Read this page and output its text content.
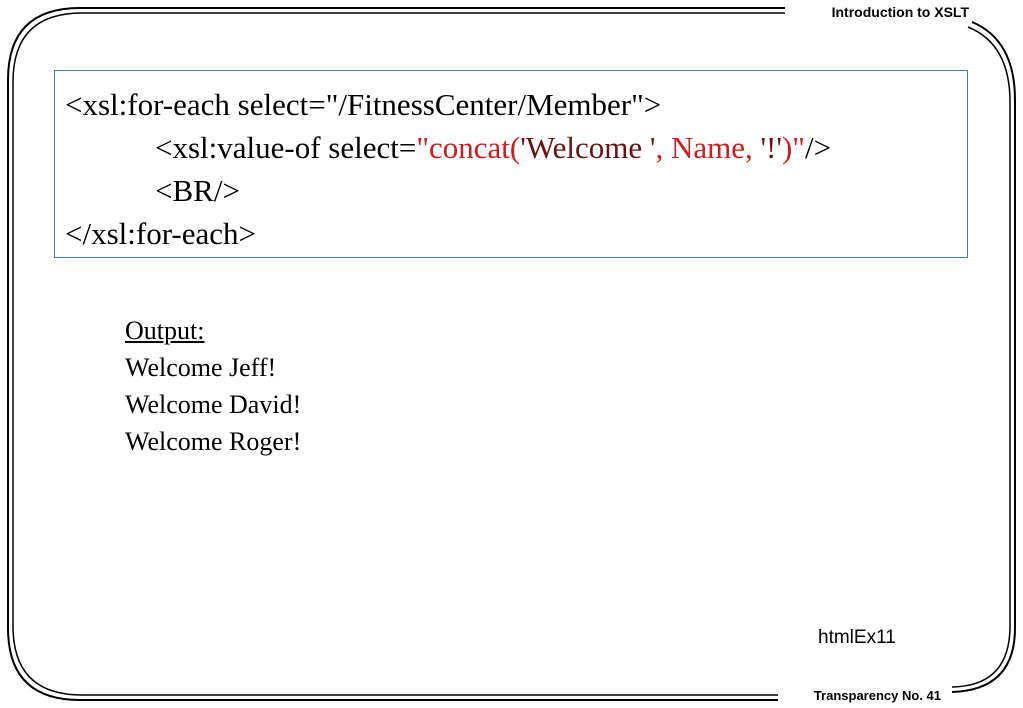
Introduction to XSLT
Transparency No. 41
<xsl:for-each select="/FitnessCenter/Member">
<xsl:value-of select="concat('Welcome ', Name, '!')"/>
<BR/>
</xsl:for-each>
Output:
Welcome Jeff!
Welcome David!
Welcome Roger!
htmlEx11
